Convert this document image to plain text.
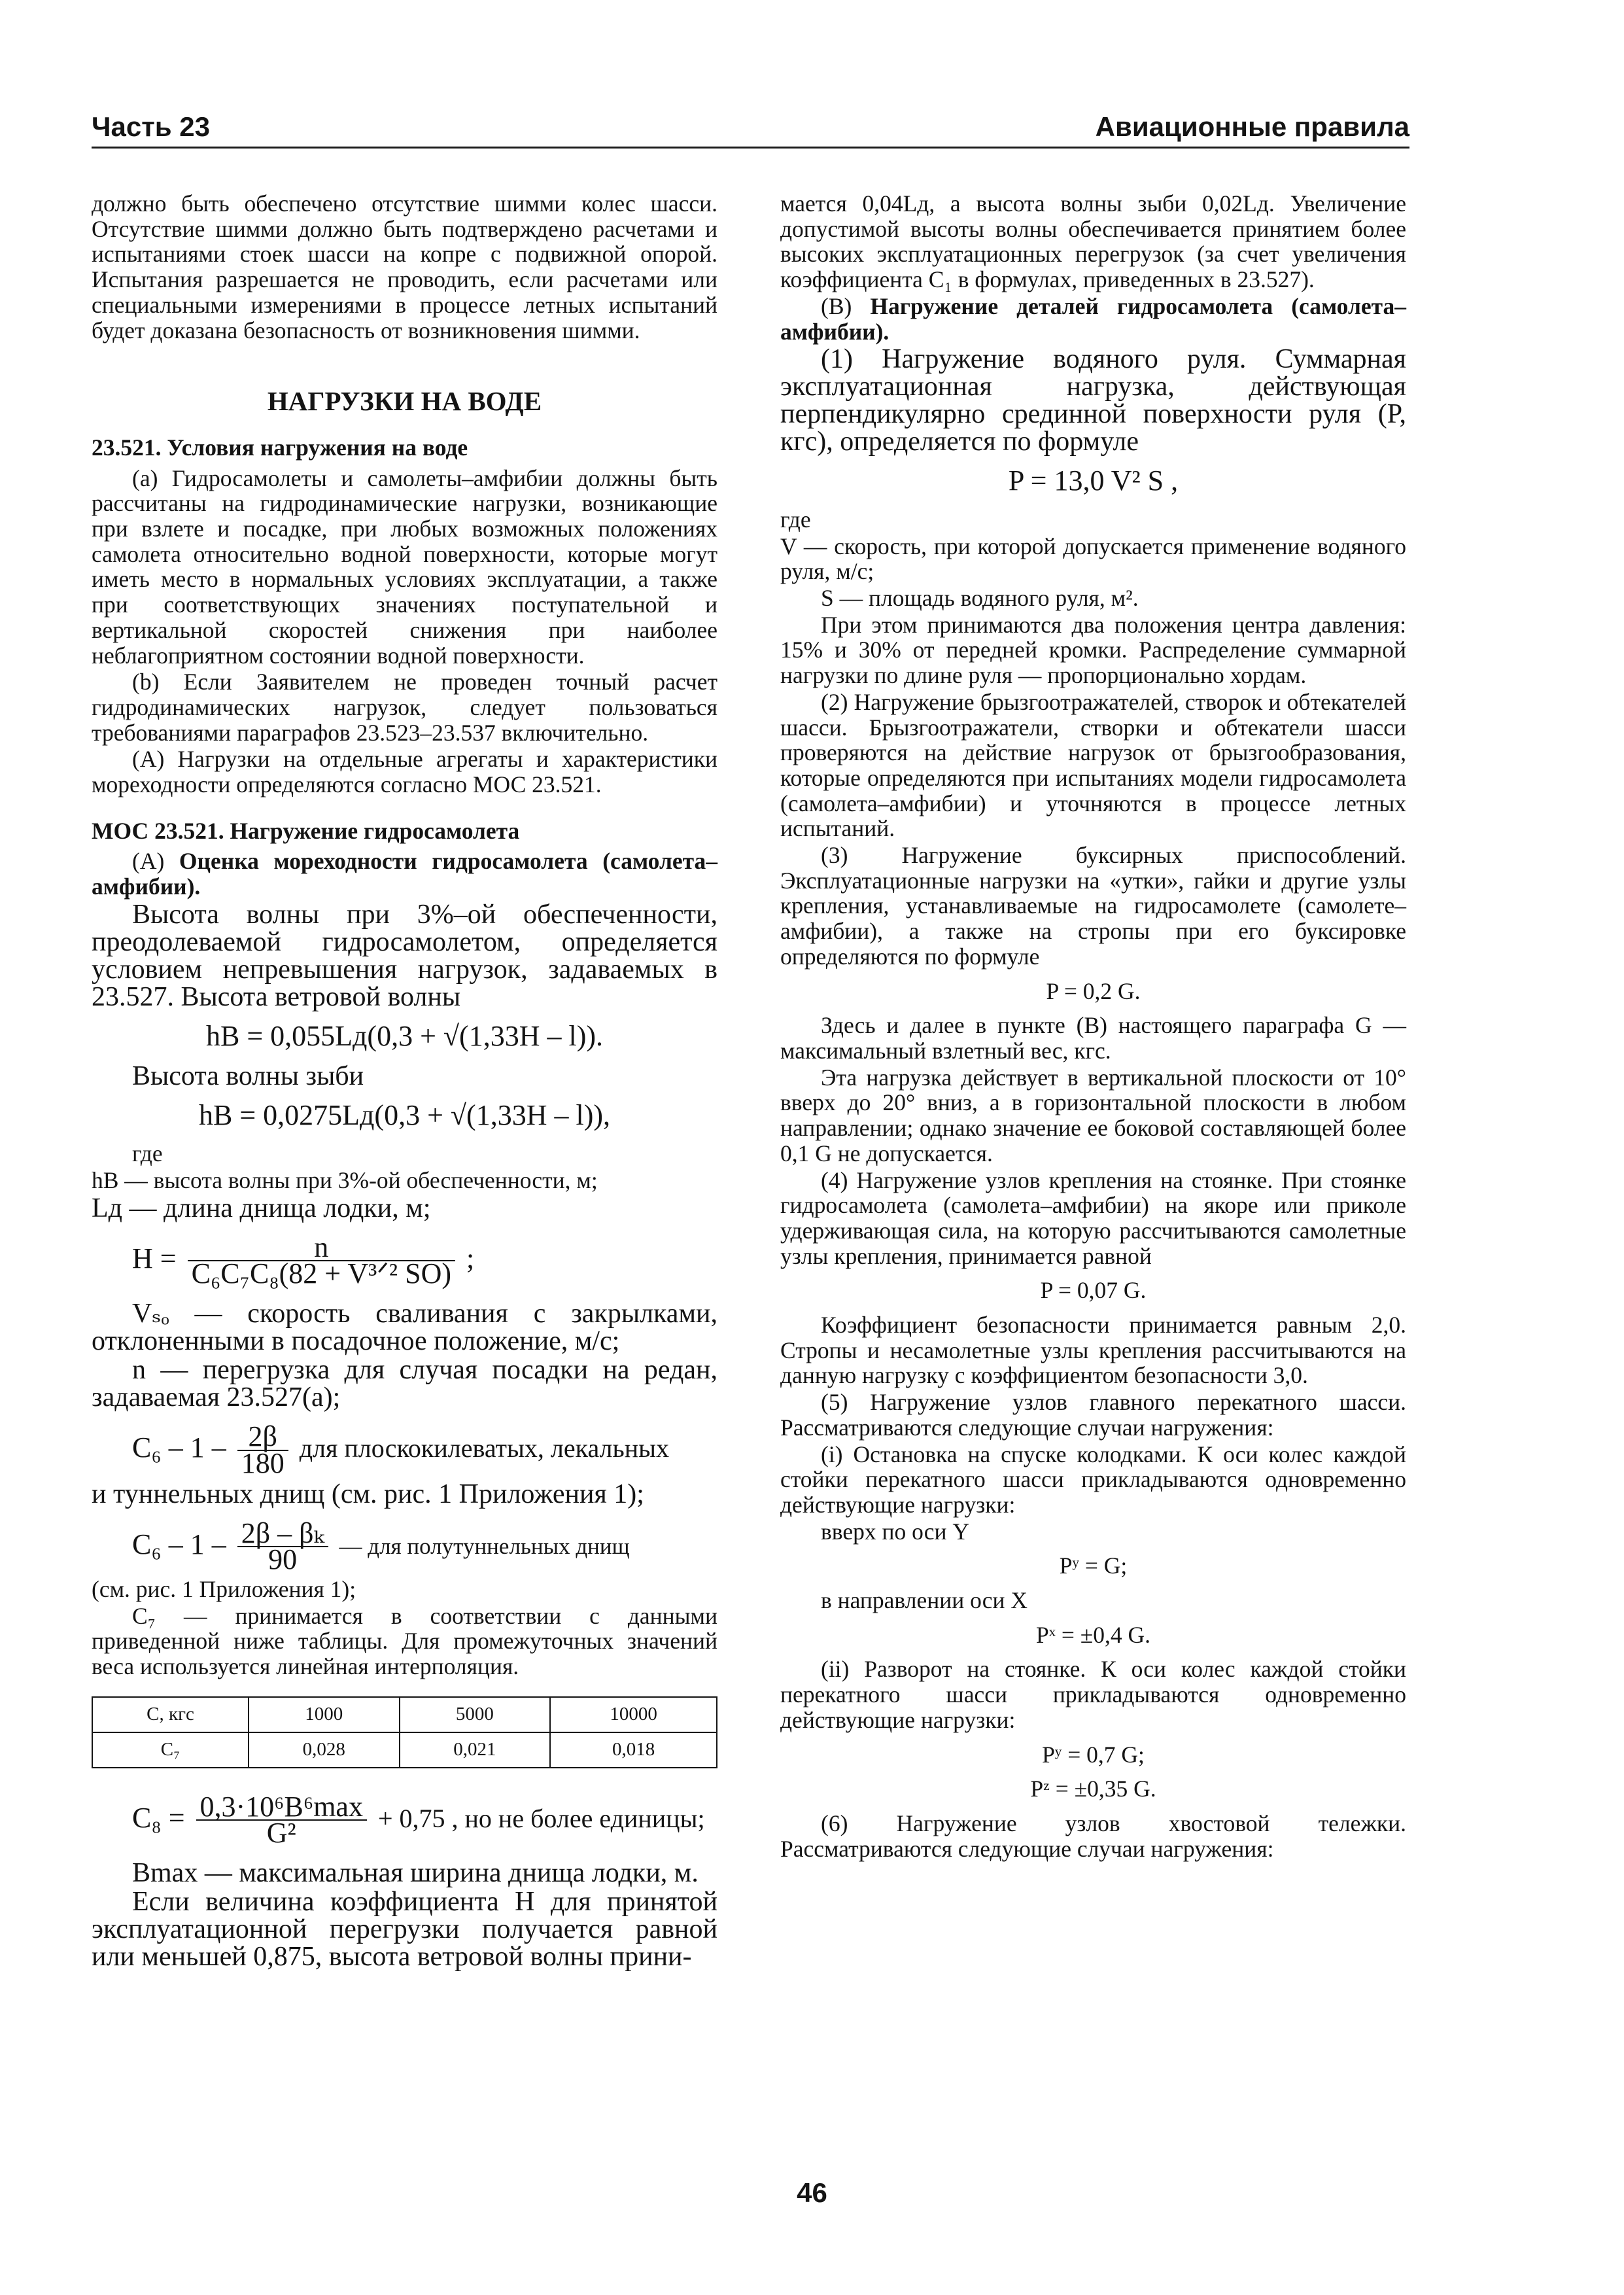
Часть 23	Авиационные правила

должно быть обеспечено отсутствие шимми колес шасси. Отсутствие шимми должно быть подтверждено расчетами и испытаниями стоек шасси на копре с подвижной опорой. Испытания разрешается не проводить, если расчетами или специальными измерениями в процессе летных испытаний будет доказана безопасность от возникновения шимми.

НАГРУЗКИ НА ВОДЕ
23.521. Условия нагружения на воде

(a) Гидросамолеты и самолеты–амфибии должны быть рассчитаны на гидродинамические нагрузки, возникающие при взлете и посадке, при любых возможных положениях самолета относительно водной поверхности, которые могут иметь место в нормальных условиях эксплуатации, а также при соответствующих значениях поступательной и вертикальной скоростей снижения при наиболее неблагоприятном состоянии водной поверхности.

(b) Если Заявителем не проведен точный расчет гидродинамических нагрузок, следует пользоваться требованиями параграфов 23.523–23.537 включительно.

(A) Нагрузки на отдельные агрегаты и характеристики мореходности определяются согласно МОС 23.521.

МОС 23.521. Нагружение гидросамолета

(A) Оценка мореходности гидросамолета (самолета–амфибии).

Высота волны при 3%–ой обеспеченности, преодолеваемой гидросамолетом, определяется условием непревышения нагрузок, задаваемых в 23.527. Высота ветровой волны

hВ = 0,055Lд(0,3 + √(1,33H – l)).

Высота волны зыби

hВ = 0,0275Lд(0,3 + √(1,33H – l)),

где

hВ — высота волны при 3%-ой обеспеченности, м;

Lд — длина днища лодки, м;

$H = \frac{n}{\text{C₆C₇C₈(82 + V³ᐟ² SO)}}$ ;

Vₛₒ — скорость сваливания с закрылками, отклоненными в посадочное положение, м/с;

n — перегрузка для случая посадки на редан, задаваемая 23.527(a);

$C_6 - 1 - \frac{2\beta}{180}$ для плоскокилеватых, лекальных

и туннельных днищ (см. рис. 1 Приложения 1);

$C_6 - 1 - \frac{\text{2β – βₖ}}{90}$ — для полутуннельных днищ

(см. рис. 1 Приложения 1);

C₇ — принимается в соответствии с данными приведенной ниже таблицы. Для промежуточных значений веса используется линейная интерполяция.

C, кгс	1000	5000	10000
C₇	0,028	0,021	0,018
$C_8 = \frac{\text{0,3·10⁶B⁶max}}{\text{G²}} + 0,75$ , но не более единицы;

Bmax — максимальная ширина днища лодки, м.

Если величина коэффициента H для принятой эксплуатационной перегрузки получается равной или меньшей 0,875, высота ветровой волны прини-

мается 0,04Lд, а высота волны зыби 0,02Lд. Увеличение допустимой высоты волны обеспечивается принятием более высоких эксплуатационных перегрузок (за счет увеличения коэффициента C₁ в формулах, приведенных в 23.527).

(B) Нагружение деталей гидросамолета (самолета–амфибии).

(1) Нагружение водяного руля. Суммарная эксплуатационная нагрузка, действующая перпендикулярно срединной поверхности руля (P, кгс), определяется по формуле

P = 13,0 V² S ,

где

V — скорость, при которой допускается применение водяного руля, м/с;

S — площадь водяного руля, м².

При этом принимаются два положения центра давления: 15% и 30% от передней кромки. Распределение суммарной нагрузки по длине руля — пропорционально хордам.

(2) Нагружение брызгоотражателей, створок и обтекателей шасси. Брызгоотражатели, створки и обтекатели шасси проверяются на действие нагрузок от брызгообразования, которые определяются при испытаниях модели гидросамолета (самолета–амфибии) и уточняются в процессе летных испытаний.

(3) Нагружение буксирных приспособлений. Эксплуатационные нагрузки на «утки», гайки и другие узлы крепления, устанавливаемые на гидросамолете (самолете–амфибии), а также на стропы при его буксировке определяются по формуле

P = 0,2 G.

Здесь и далее в пункте (B) настоящего параграфа G — максимальный взлетный вес, кгс.

Эта нагрузка действует в вертикальной плоскости от 10° вверх до 20° вниз, а в горизонтальной плоскости в любом направлении; однако значение ее боковой составляющей более 0,1 G не допускается.

(4) Нагружение узлов крепления на стоянке. При стоянке гидросамолета (самолета–амфибии) на якоре или приколе удерживающая сила, на которую рассчитываются самолетные узлы крепления, принимается равной

P = 0,07 G.

Коэффициент безопасности принимается равным 2,0. Стропы и несамолетные узлы крепления рассчитываются на данную нагрузку с коэффициентом безопасности 3,0.

(5) Нагружение узлов главного перекатного шасси. Рассматриваются следующие случаи нагружения:

(i) Остановка на спуске колодками. К оси колес каждой стойки перекатного шасси прикладываются одновременно действующие нагрузки:

вверх по оси Y

Pʸ = G;

в направлении оси X

Pˣ = ±0,4 G.

(ii) Разворот на стоянке. К оси колес каждой стойки перекатного шасси прикладываются одновременно действующие нагрузки:

Pʸ = 0,7 G;
Pᶻ = ±0,35 G.

(6) Нагружение узлов хвостовой тележки. Рассматриваются следующие случаи нагружения:

46
